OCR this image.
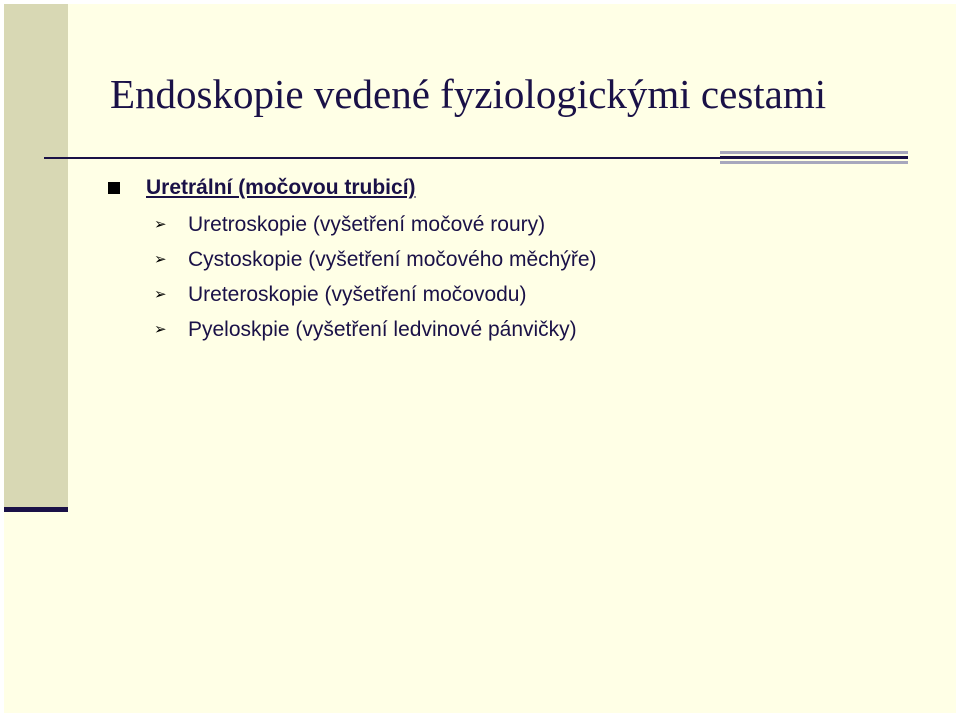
Endoskopie vedené fyziologickými cestami
Uretrální (močovou trubicí)
➢ Uretroskopie (vyšetření močové roury)
➢ Cystoskopie (vyšetření močového měchýře)
➢ Ureteroskopie (vyšetření močovodu)
➢ Pyeloskpie (vyšetření ledvinové pánvičky)
